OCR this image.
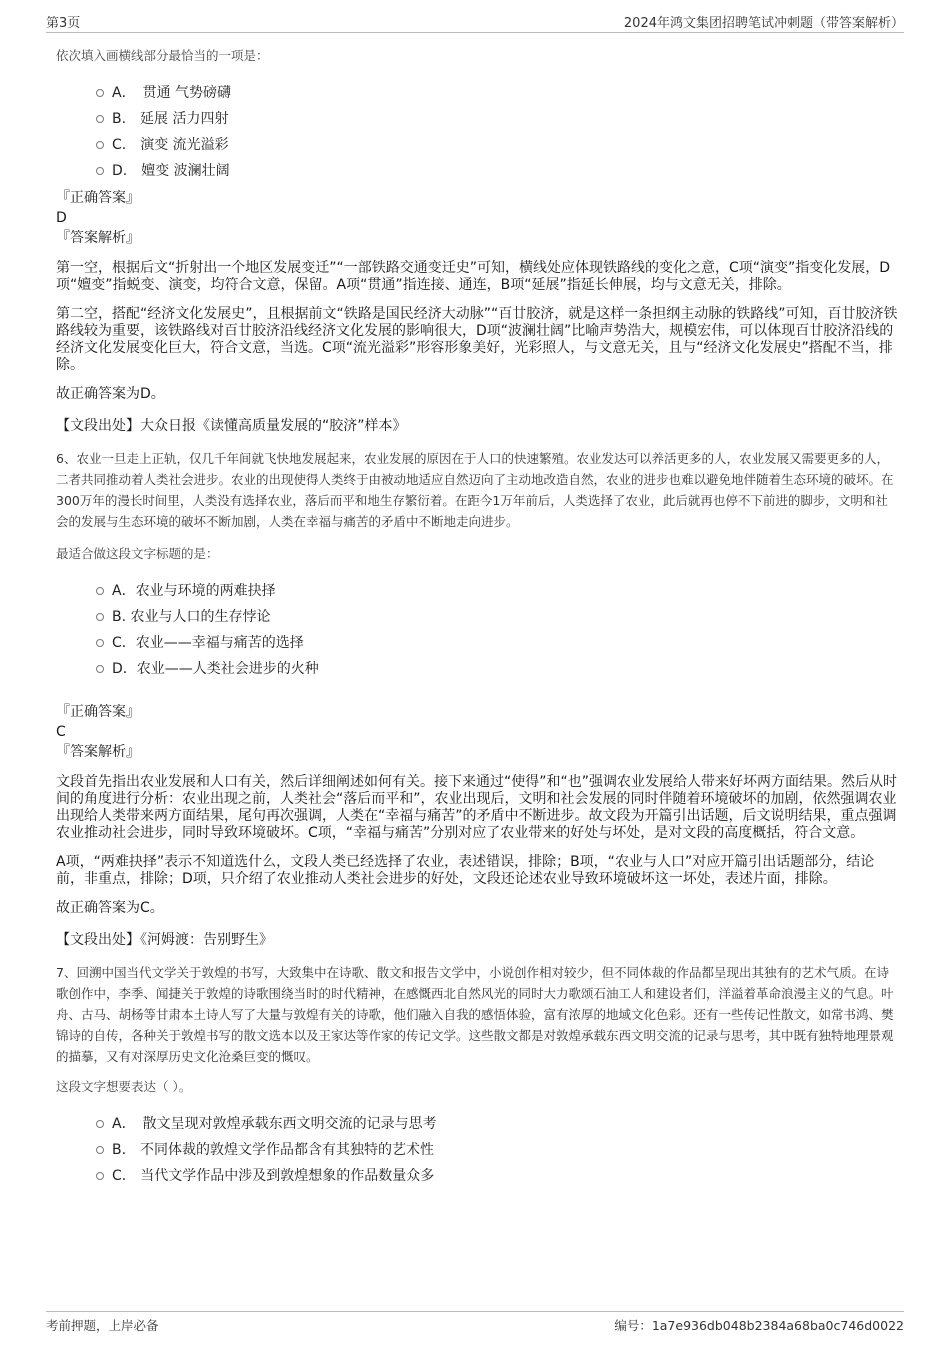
第3页	2024年鸿文集团招聘笔试冲刺题（带答案解析）

依次填入画横线部分最恰当的一项是：

A．　贯通 气势磅礴
B.　延展 活力四射
C.　演变 流光溢彩
D.　嬗变 波澜壮阔

『正确答案』

D

『答案解析』

第一空，根据后文“折射出一个地区发展变迁”“一部铁路交通变迁史”可知，横线处应体现铁路线的变化之意，C项“演变”指变化发展，D项“嬗变”指蜕变、演变，均符合文意，保留。A项“贯通”指连接、通连，B项“延展”指延长伸展，均与文意无关，排除。

第二空，搭配“经济文化发展史”，且根据前文“铁路是国民经济大动脉”“百廿胶济，就是这样一条担纲主动脉的铁路线”可知，百廿胶济铁路线较为重要，该铁路线对百廿胶济沿线经济文化发展的影响很大，D项“波澜壮阔”比喻声势浩大，规模宏伟，可以体现百廿胶济沿线的经济文化发展变化巨大，符合文意，当选。C项“流光溢彩”形容形象美好，光彩照人，与文意无关，且与“经济文化发展史”搭配不当，排除。

故正确答案为D。

【文段出处】大众日报《读懂高质量发展的“胶济”样本》

6、农业一旦走上正轨，仅几千年间就飞快地发展起来，农业发展的原因在于人口的快速繁殖。农业发达可以养活更多的人，农业发展又需要更多的人，二者共同推动着人类社会进步。农业的出现使得人类终于由被动地适应自然迈向了主动地改造自然，农业的进步也难以避免地伴随着生态环境的破坏。在300万年的漫长时间里，人类没有选择农业，落后而平和地生存繁衍着。在距今1万年前后，人类选择了农业，此后就再也停不下前进的脚步，文明和社会的发展与生态环境的破坏不断加剧，人类在幸福与痛苦的矛盾中不断地走向进步。

最适合做这段文字标题的是：

A．农业与环境的两难抉择
B. 农业与人口的生存悖论
C．农业——幸福与痛苦的选择
D．农业——人类社会进步的火种

『正确答案』

C

『答案解析』

文段首先指出农业发展和人口有关，然后详细阐述如何有关。接下来通过“使得”和“也”强调农业发展给人带来好坏两方面结果。然后从时间的角度进行分析：农业出现之前，人类社会“落后而平和”，农业出现后，文明和社会发展的同时伴随着环境破坏的加剧，依然强调农业出现给人类带来两方面结果，尾句再次强调，人类在“幸福与痛苦”的矛盾中不断进步。故文段为开篇引出话题，后文说明结果，重点强调农业推动社会进步，同时导致环境破坏。C项，“幸福与痛苦”分别对应了农业带来的好处与坏处，是对文段的高度概括，符合文意。

A项，“两难抉择”表示不知道选什么，文段人类已经选择了农业，表述错误，排除；B项，“农业与人口”对应开篇引出话题部分，结论前，非重点，排除；D项，只介绍了农业推动人类社会进步的好处，文段还论述农业导致环境破坏这一坏处，表述片面，排除。

故正确答案为C。

【文段出处】《河姆渡：告别野生》

7、回溯中国当代文学关于敦煌的书写，大致集中在诗歌、散文和报告文学中，小说创作相对较少，但不同体裁的作品都呈现出其独有的艺术气质。在诗歌创作中，李季、闻捷关于敦煌的诗歌围绕当时的时代精神，在感慨西北自然风光的同时大力歌颂石油工人和建设者们，洋溢着革命浪漫主义的气息。叶舟、古马、胡杨等甘肃本土诗人写了大量与敦煌有关的诗歌，他们融入自我的感悟体验，富有浓厚的地域文化色彩。还有一些传记性散文，如常书鸿、樊锦诗的自传，各种关于敦煌书写的散文选本以及王家达等作家的传记文学。这些散文都是对敦煌承载东西文明交流的记录与思考，其中既有独特地理景观的描摹，又有对深厚历史文化沧桑巨变的慨叹。

这段文字想要表达（ ）。

A．　散文呈现对敦煌承载东西文明交流的记录与思考
B.　不同体裁的敦煌文学作品都含有其独特的艺术性
C.　当代文学作品中涉及到敦煌想象的作品数量众多
考前押题，上岸必备	编号：1a7e936db048b2384a68ba0c746d0022
